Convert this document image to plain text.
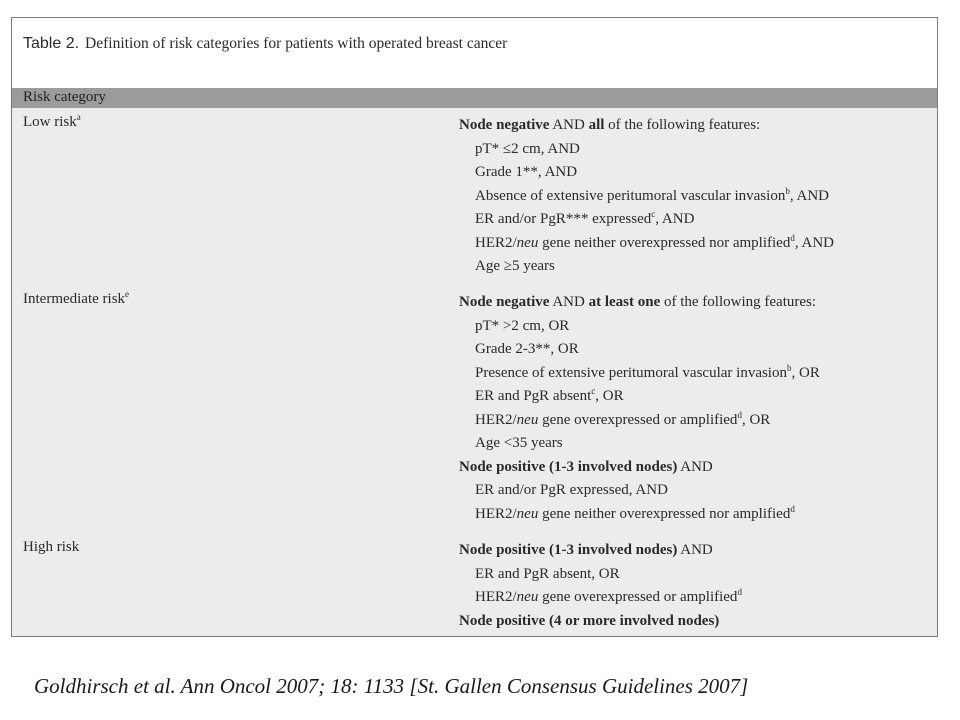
Table 2. Definition of risk categories for patients with operated breast cancer
Risk category
Low risk$^a$	Node negative AND all of the following features:
pT* ≤2 cm, AND
Grade 1**, AND
Absence of extensive peritumoral vascular invasion$^b$, AND
ER and/or PgR*** expressed$^c$, AND
HER2/neu gene neither overexpressed nor amplified$^d$, AND
Age ≥5 years
Intermediate risk$^e$	Node negative AND at least one of the following features:
pT* >2 cm, OR
Grade 2-3**, OR
Presence of extensive peritumoral vascular invasion$^b$, OR
ER and PgR absent$^c$, OR
HER2/neu gene overexpressed or amplified$^d$, OR
Age <35 years
Node positive (1-3 involved nodes) AND
ER and/or PgR expressed, AND
HER2/neu gene neither overexpressed nor amplified$^d$
High risk	Node positive (1-3 involved nodes) AND
ER and PgR absent, OR
HER2/neu gene overexpressed or amplified$^d$
Node positive (4 or more involved nodes)
Goldhirsch et al. Ann Oncol 2007; 18: 1133 [St. Gallen Consensus Guidelines 2007]
